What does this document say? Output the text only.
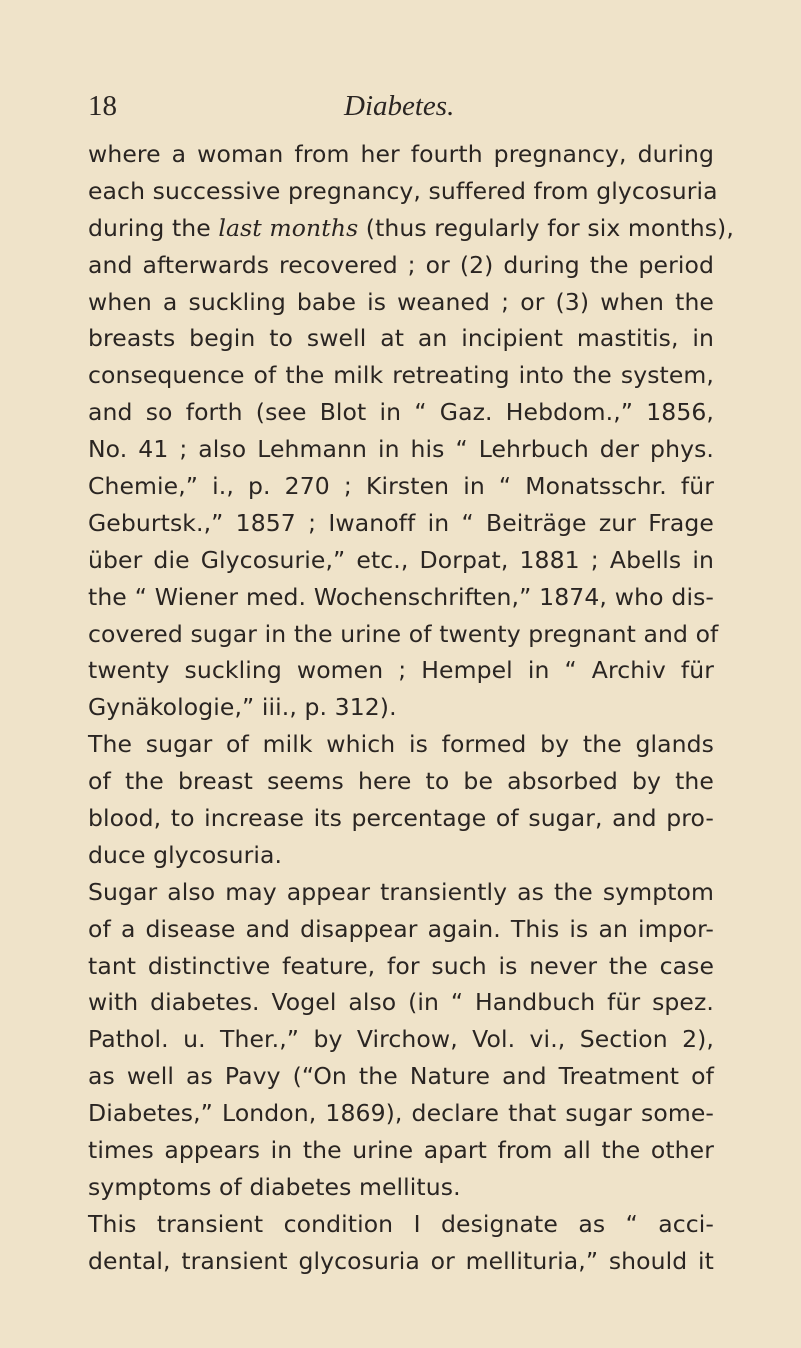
18	Diabetes.
where a woman from her fourth pregnancy, during
each successive pregnancy, suffered from glycosuria
during the last months (thus regularly for six months),
and afterwards recovered ; or (2) during the period
when a suckling babe is weaned ; or (3) when the
breasts begin to swell at an incipient mastitis, in
consequence of the milk retreating into the system,
and so forth (see Blot in “ Gaz. Hebdom.,” 1856,
No. 41 ; also Lehmann in his “ Lehrbuch der phys.
Chemie,” i., p. 270 ; Kirsten in “ Monatsschr. für
Geburtsk.,” 1857 ; Iwanoff in “ Beiträge zur Frage
über die Glycosurie,” etc., Dorpat, 1881 ; Abells in
the “ Wiener med. Wochenschriften,” 1874, who dis-
covered sugar in the urine of twenty pregnant and of
twenty suckling women ; Hempel in “ Archiv für
Gynäkologie,” iii., p. 312).
The sugar of milk which is formed by the glands
of the breast seems here to be absorbed by the
blood, to increase its percentage of sugar, and pro-
duce glycosuria.
Sugar also may appear transiently as the symptom
of a disease and disappear again. This is an impor-
tant distinctive feature, for such is never the case
with diabetes. Vogel also (in “ Handbuch für spez.
Pathol. u. Ther.,” by Virchow, Vol. vi., Section 2),
as well as Pavy (“On the Nature and Treatment of
Diabetes,” London, 1869), declare that sugar some-
times appears in the urine apart from all the other
symptoms of diabetes mellitus.
This transient condition I designate as “ acci-
dental, transient glycosuria or mellituria,” should it
